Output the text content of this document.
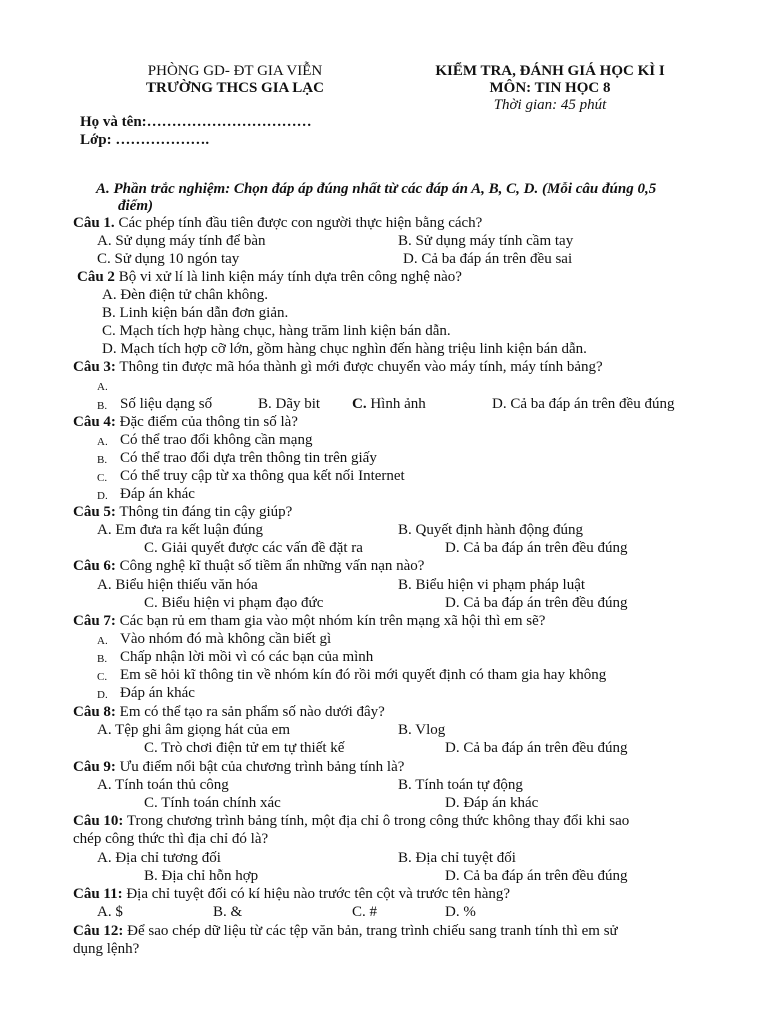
PHÒNG GD- ĐT GIA VIỄN
TRƯỜNG THCS GIA LẠC
KIỂM TRA, ĐÁNH GIÁ HỌC KÌ I
MÔN: TIN HỌC 8
Thời gian: 45 phút
Họ và tên:……………………………
Lớp: ……………….
A. Phần trắc nghiệm: Chọn đáp áp đúng nhất từ các đáp án A, B, C, D. (Mỗi câu đúng 0,5
điểm)
Câu 1. Các phép tính đầu tiên được con người thực hiện bằng cách?
A. Sử dụng máy tính để bàn	B. Sử dụng máy tính cầm tay
C. Sử dụng 10 ngón tay	D. Cả ba đáp án trên đều sai
Câu 2 Bộ vi xử lí là linh kiện máy tính dựa trên công nghệ nào?
A. Đèn điện tử chân không.
B. Linh kiện bán dẫn đơn giản.
C. Mạch tích hợp hàng chục, hàng trăm linh kiện bán dẫn.
D. Mạch tích hợp cỡ lớn, gồm hàng chục nghìn đến hàng triệu linh kiện bán dẫn.
Câu 3: Thông tin được mã hóa thành gì mới được chuyển vào máy tính, máy tính bảng?
A.
B. Số liệu dạng số	B. Dãy bit C. Hình ảnh	D. Cả ba đáp án trên đều đúng
Câu 4: Đặc điểm của thông tin số là?
A. Có thể trao đổi không cần mạng
B. Có thể trao đổi dựa trên thông tin trên giấy
C. Có thể truy cập từ xa thông qua kết nối Internet
D. Đáp án khác
Câu 5: Thông tin đáng tin cậy giúp?
A. Em đưa ra kết luận đúng	B. Quyết định hành động đúng
C. Giải quyết được các vấn đề đặt ra	D. Cả ba đáp án trên đều đúng
Câu 6: Công nghệ kĩ thuật số tiềm ẩn những vấn nạn nào?
A. Biểu hiện thiếu văn hóa	B. Biểu hiện vi phạm pháp luật
C. Biểu hiện vi phạm đạo đức	D. Cả ba đáp án trên đều đúng
Câu 7: Các bạn rủ em tham gia vào một nhóm kín trên mạng xã hội thì em sẽ?
A. Vào nhóm đó mà không cần biết gì
B. Chấp nhận lời mồi vì có các bạn của mình
C. Em sẽ hỏi kĩ thông tin về nhóm kín đó rồi mới quyết định có tham gia hay không
D. Đáp án khác
Câu 8: Em có thể tạo ra sản phẩm số nào dưới đây?
A. Tệp ghi âm giọng hát của em	B. Vlog
C. Trò chơi điện tử em tự thiết kế	D. Cả ba đáp án trên đều đúng
Câu 9: Ưu điểm nổi bật của chương trình bảng tính là?
A. Tính toán thủ công	B. Tính toán tự động
C. Tính toán chính xác	D. Đáp án khác
Câu 10: Trong chương trình bảng tính, một địa chỉ ô trong công thức không thay đổi khi sao
chép công thức thì địa chỉ đó là?
A. Địa chỉ tương đối	B. Địa chỉ tuyệt đối
B. Địa chỉ hỗn hợp	D. Cả ba đáp án trên đều đúng
Câu 11: Địa chỉ tuyệt đối có kí hiệu nào trước tên cột và trước tên hàng?
A. $	B. &	C. #	D. %
Câu 12: Để sao chép dữ liệu từ các tệp văn bản, trang trình chiếu sang tranh tính thì em sử
dụng lệnh?
